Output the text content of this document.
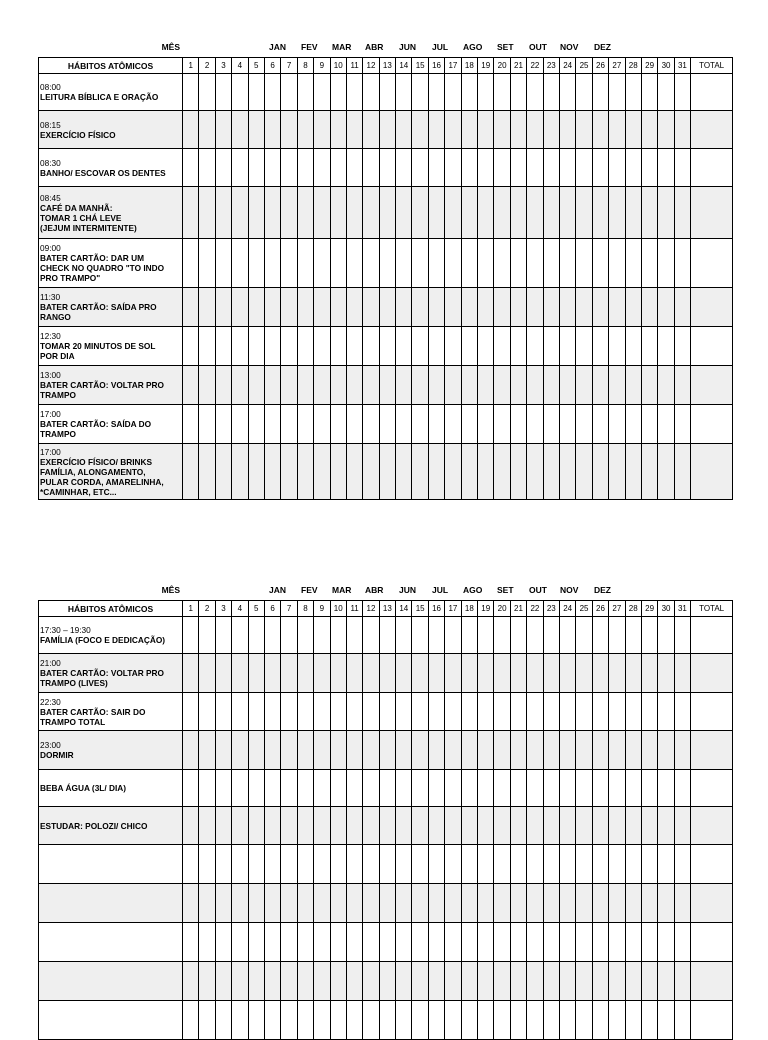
MÊS	JAN FEV MAR ABR JUN JUL AGO SET OUT NOV DEZ
HÁBITOS ATÔMICOS	1	2	3	4	5	6	7	8	9	10	11	12	13	14	15	16	17	18	19	20	21	22	23	24	25	26	27	28	29	30	31	TOTAL

08:00
LEITURA BÍBLICA E ORAÇÃO																																

08:15
EXERCÍCIO FÍSICO																																

08:30
BANHO/ ESCOVAR OS DENTES																																

08:45
CAFÉ DA MANHÃ:
TOMAR 1 CHÁ LEVE
(JEJUM INTERMITENTE)																																

09:00
BATER CARTÃO: DAR UM
CHECK NO QUADRO "TO INDO
PRO TRAMPO"																																

11:30
BATER CARTÃO: SAÍDA PRO
RANGO																																

12:30
TOMAR 20 MINUTOS DE SOL
POR DIA																																

13:00
BATER CARTÃO: VOLTAR PRO
TRAMPO																																

17:00
BATER CARTÃO: SAÍDA DO
TRAMPO																																

17:00
EXERCÍCIO FÍSICO/ BRINKS
FAMÍLIA, ALONGAMENTO,
PULAR CORDA, AMARELINHA,
*CAMINHAR, ETC...																																

MÊS	JAN FEV MAR ABR JUN JUL AGO SET OUT NOV DEZ
HÁBITOS ATÔMICOS	1	2	3	4	5	6	7	8	9	10	11	12	13	14	15	16	17	18	19	20	21	22	23	24	25	26	27	28	29	30	31	TOTAL

17:30 – 19:30
FAMÍLIA (FOCO E DEDICAÇÃO)																																

21:00
BATER CARTÃO: VOLTAR PRO
TRAMPO (LIVES)																																

22:30
BATER CARTÃO: SAIR DO
TRAMPO TOTAL																																

23:00
DORMIR																																

BEBA ÁGUA (3L/ DIA)																																

ESTUDAR: POLOZI/ CHICO																																
